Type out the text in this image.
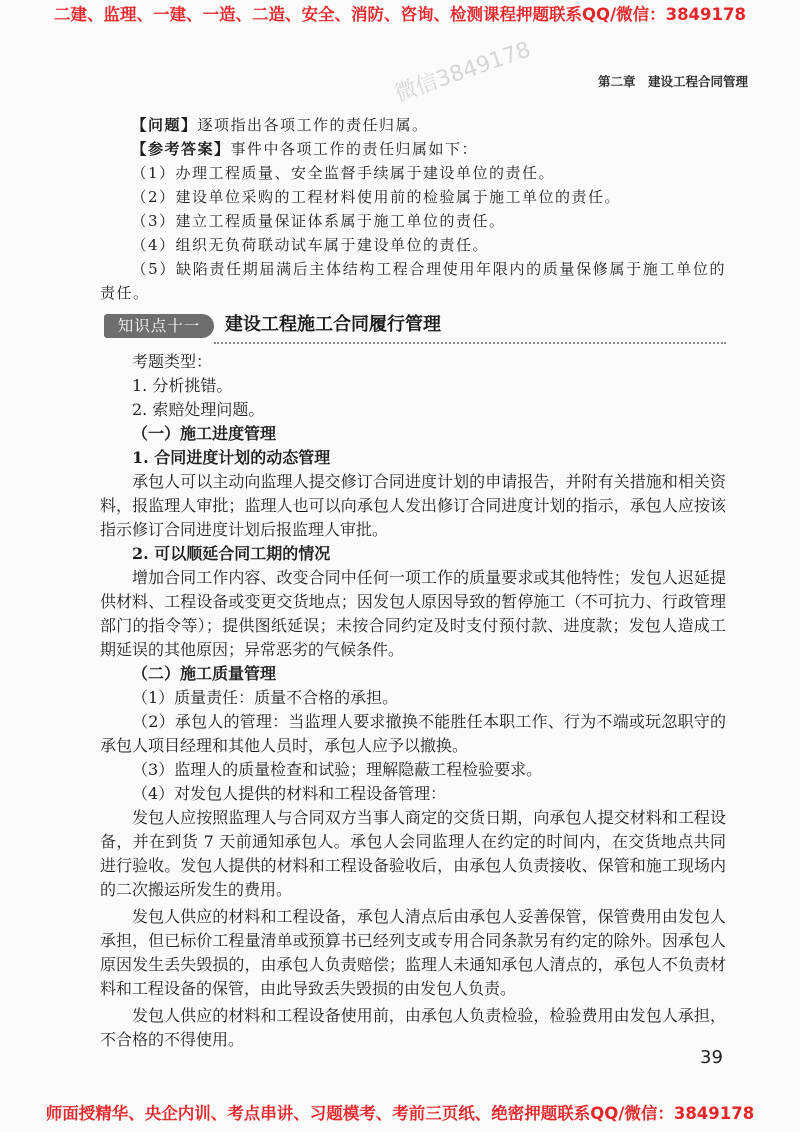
二建、监理、一建、一造、二造、安全、消防、咨询、检测课程押题联系QQ/微信：3849178
第二章　建设工程合同管理
微信3849178

【问题】逐项指出各项工作的责任归属。

【参考答案】事件中各项工作的责任归属如下：

（1）办理工程质量、安全监督手续属于建设单位的责任。

（2）建设单位采购的工程材料使用前的检验属于施工单位的责任。

（3）建立工程质量保证体系属于施工单位的责任。

（4）组织无负荷联动试车属于建设单位的责任。

（5）缺陷责任期届满后主体结构工程合理使用年限内的质量保修属于施工单位的责任。

知识点十一	建设工程施工合同履行管理

考题类型：

1. 分析挑错。

2. 索赔处理问题。

（一）施工进度管理

1. 合同进度计划的动态管理

承包人可以主动向监理人提交修订合同进度计划的申请报告，并附有关措施和相关资料，报监理人审批；监理人也可以向承包人发出修订合同进度计划的指示，承包人应按该指示修订合同进度计划后报监理人审批。

2. 可以顺延合同工期的情况

增加合同工作内容、改变合同中任何一项工作的质量要求或其他特性；发包人迟延提供材料、工程设备或变更交货地点；因发包人原因导致的暂停施工（不可抗力、行政管理部门的指令等）；提供图纸延误；未按合同约定及时支付预付款、进度款；发包人造成工期延误的其他原因；异常恶劣的气候条件。

（二）施工质量管理

（1）质量责任：质量不合格的承担。

（2）承包人的管理：当监理人要求撤换不能胜任本职工作、行为不端或玩忽职守的承包人项目经理和其他人员时，承包人应予以撤换。

（3）监理人的质量检查和试验；理解隐蔽工程检验要求。

（4）对发包人提供的材料和工程设备管理：

发包人应按照监理人与合同双方当事人商定的交货日期，向承包人提交材料和工程设备，并在到货 7 天前通知承包人。承包人会同监理人在约定的时间内，在交货地点共同进行验收。发包人提供的材料和工程设备验收后，由承包人负责接收、保管和施工现场内的二次搬运所发生的费用。

发包人供应的材料和工程设备，承包人清点后由承包人妥善保管，保管费用由发包人承担，但已标价工程量清单或预算书已经列支或专用合同条款另有约定的除外。因承包人原因发生丢失毁损的，由承包人负责赔偿；监理人未通知承包人清点的，承包人不负责材料和工程设备的保管，由此导致丢失毁损的由发包人负责。

发包人供应的材料和工程设备使用前，由承包人负责检验，检验费用由发包人承担，不合格的不得使用。

39
师面授精华、央企内训、考点串讲、习题模考、考前三页纸、绝密押题联系QQ/微信：3849178
